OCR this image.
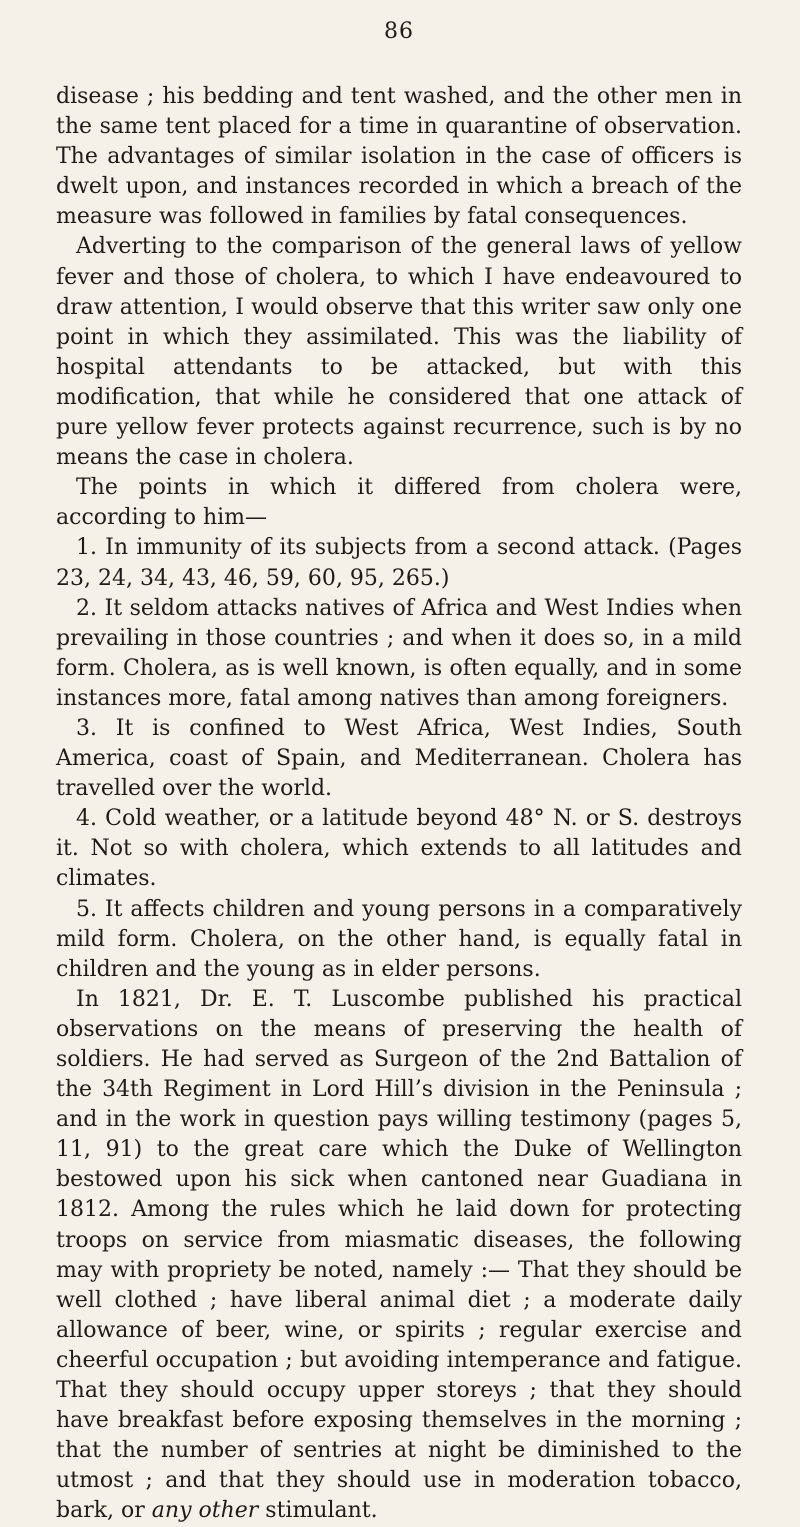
86

disease ; his bedding and tent washed, and the other men in the same tent placed for a time in quarantine of observation. The advantages of similar isolation in the case of officers is dwelt upon, and instances recorded in which a breach of the measure was followed in families by fatal consequences.

Adverting to the comparison of the general laws of yellow fever and those of cholera, to which I have endeavoured to draw attention, I would observe that this writer saw only one point in which they assimilated. This was the liability of hospital attendants to be attacked, but with this modification, that while he considered that one attack of pure yellow fever protects against recurrence, such is by no means the case in cholera.

The points in which it differed from cholera were, according to him—

1. In immunity of its subjects from a second attack. (Pages 23, 24, 34, 43, 46, 59, 60, 95, 265.)

2. It seldom attacks natives of Africa and West Indies when prevailing in those countries ; and when it does so, in a mild form. Cholera, as is well known, is often equally, and in some instances more, fatal among natives than among foreigners.

3. It is confined to West Africa, West Indies, South America, coast of Spain, and Mediterranean. Cholera has travelled over the world.

4. Cold weather, or a latitude beyond 48° N. or S. destroys it. Not so with cholera, which extends to all latitudes and climates.

5. It affects children and young persons in a comparatively mild form. Cholera, on the other hand, is equally fatal in children and the young as in elder persons.

In 1821, Dr. E. T. Luscombe published his practical observations on the means of preserving the health of soldiers. He had served as Surgeon of the 2nd Battalion of the 34th Regiment in Lord Hill’s division in the Peninsula ; and in the work in question pays willing testimony (pages 5, 11, 91) to the great care which the Duke of Wellington bestowed upon his sick when cantoned near Guadiana in 1812. Among the rules which he laid down for protecting troops on service from miasmatic diseases, the following may with propriety be noted, namely :— That they should be well clothed ; have liberal animal diet ; a moderate daily allowance of beer, wine, or spirits ; regular exercise and cheerful occupation ; but avoiding intemperance and fatigue. That they should occupy upper storeys ; that they should have breakfast before exposing themselves in the morning ; that the number of sentries at night be diminished to the utmost ; and that they should use in moderation tobacco, bark, or any other stimulant.
